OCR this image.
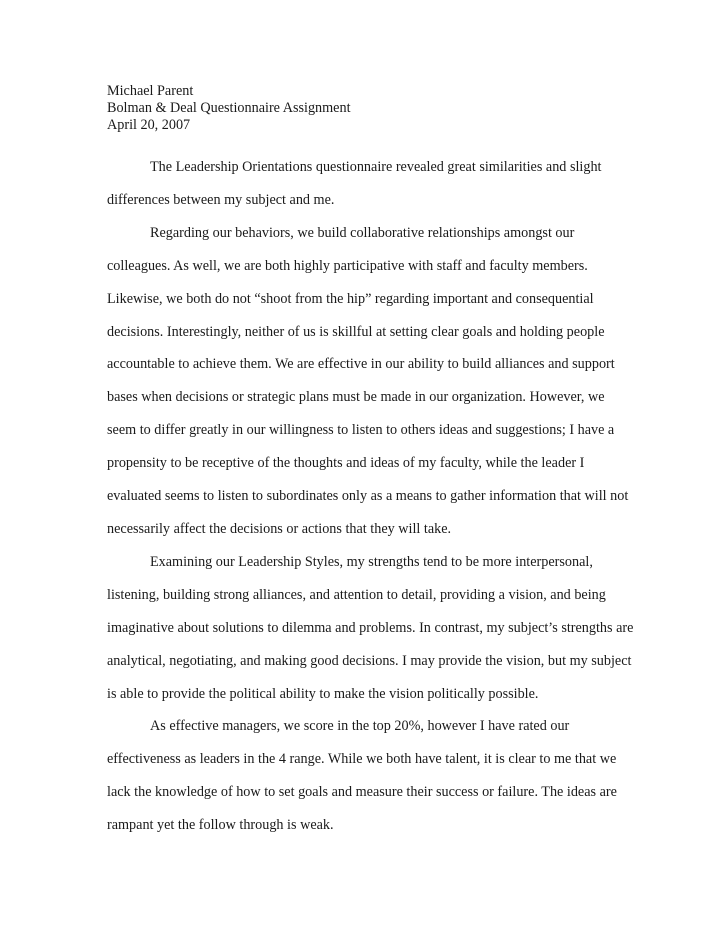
Michael Parent
Bolman & Deal Questionnaire Assignment
April 20, 2007

The Leadership Orientations questionnaire revealed great similarities and slight
differences between my subject and me.

Regarding our behaviors, we build collaborative relationships amongst our
colleagues. As well, we are both highly participative with staff and faculty members.
Likewise, we both do not “shoot from the hip” regarding important and consequential
decisions. Interestingly, neither of us is skillful at setting clear goals and holding people
accountable to achieve them. We are effective in our ability to build alliances and support
bases when decisions or strategic plans must be made in our organization. However, we
seem to differ greatly in our willingness to listen to others ideas and suggestions; I have a
propensity to be receptive of the thoughts and ideas of my faculty, while the leader I
evaluated seems to listen to subordinates only as a means to gather information that will not
necessarily affect the decisions or actions that they will take.

Examining our Leadership Styles, my strengths tend to be more interpersonal,
listening, building strong alliances, and attention to detail, providing a vision, and being
imaginative about solutions to dilemma and problems. In contrast, my subject’s strengths are
analytical, negotiating, and making good decisions. I may provide the vision, but my subject
is able to provide the political ability to make the vision politically possible.

As effective managers, we score in the top 20%, however I have rated our
effectiveness as leaders in the 4 range. While we both have talent, it is clear to me that we
lack the knowledge of how to set goals and measure their success or failure. The ideas are
rampant yet the follow through is weak.
